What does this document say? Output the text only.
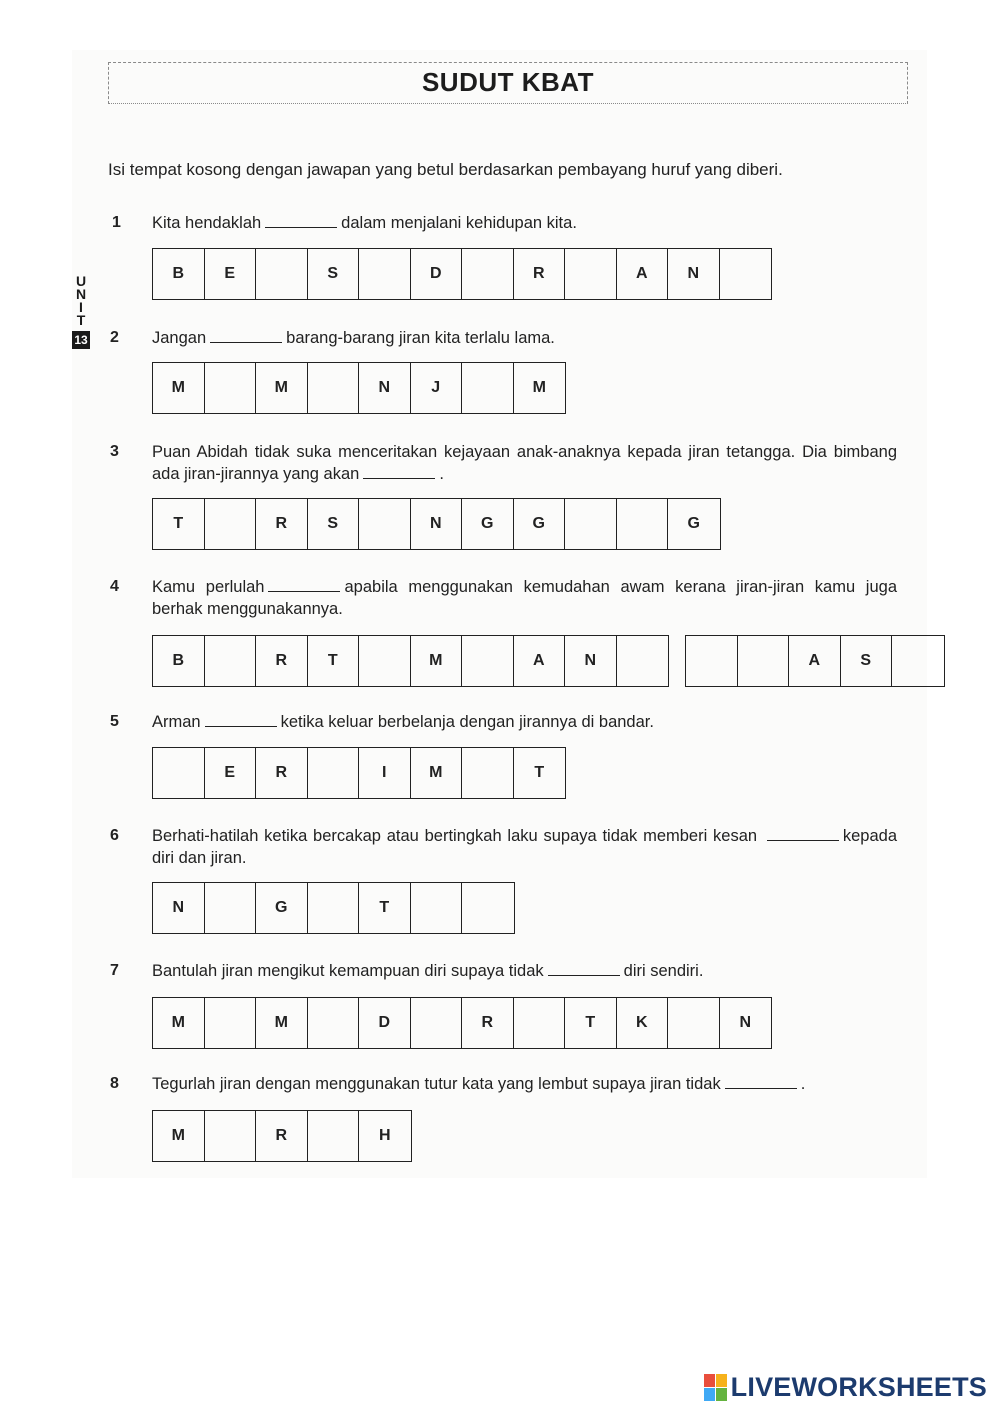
SUDUT KBAT
Isi tempat kosong dengan jawapan yang betul berdasarkan pembayang huruf yang diberi.
U
N
I
T
13
1 Kita hendaklah	dalam menjalani kehidupan kita.
B	E	S	D	R	A	N
2 Jangan	barang-barang jiran kita terlalu lama.
M	M	N	J	M
3 Puan Abidah tidak suka menceritakan kejayaan anak-anaknya kepada jiran tetangga. Dia bimbang ada jiran-jirannya yang akan	.
T	R	S	N	G	G	G
4 Kamu perlulah	apabila menggunakan kemudahan awam kerana jiran-jiran kamu juga berhak menggunakannya.
B	R	T	M	A	N	A	S
5 Arman	ketika keluar berbelanja dengan jirannya di bandar.
E	R	I	M	T
6 Berhati-hatilah ketika bercakap atau bertingkah laku supaya tidak memberi kesan	kepada diri dan jiran.
N	G	T
7 Bantulah jiran mengikut kemampuan diri supaya tidak	diri sendiri.
M	M	D	R	T	K	N
8 Tegurlah jiran dengan menggunakan tutur kata yang lembut supaya jiran tidak	.
M	R	H
LIVEWORKSHEETS
